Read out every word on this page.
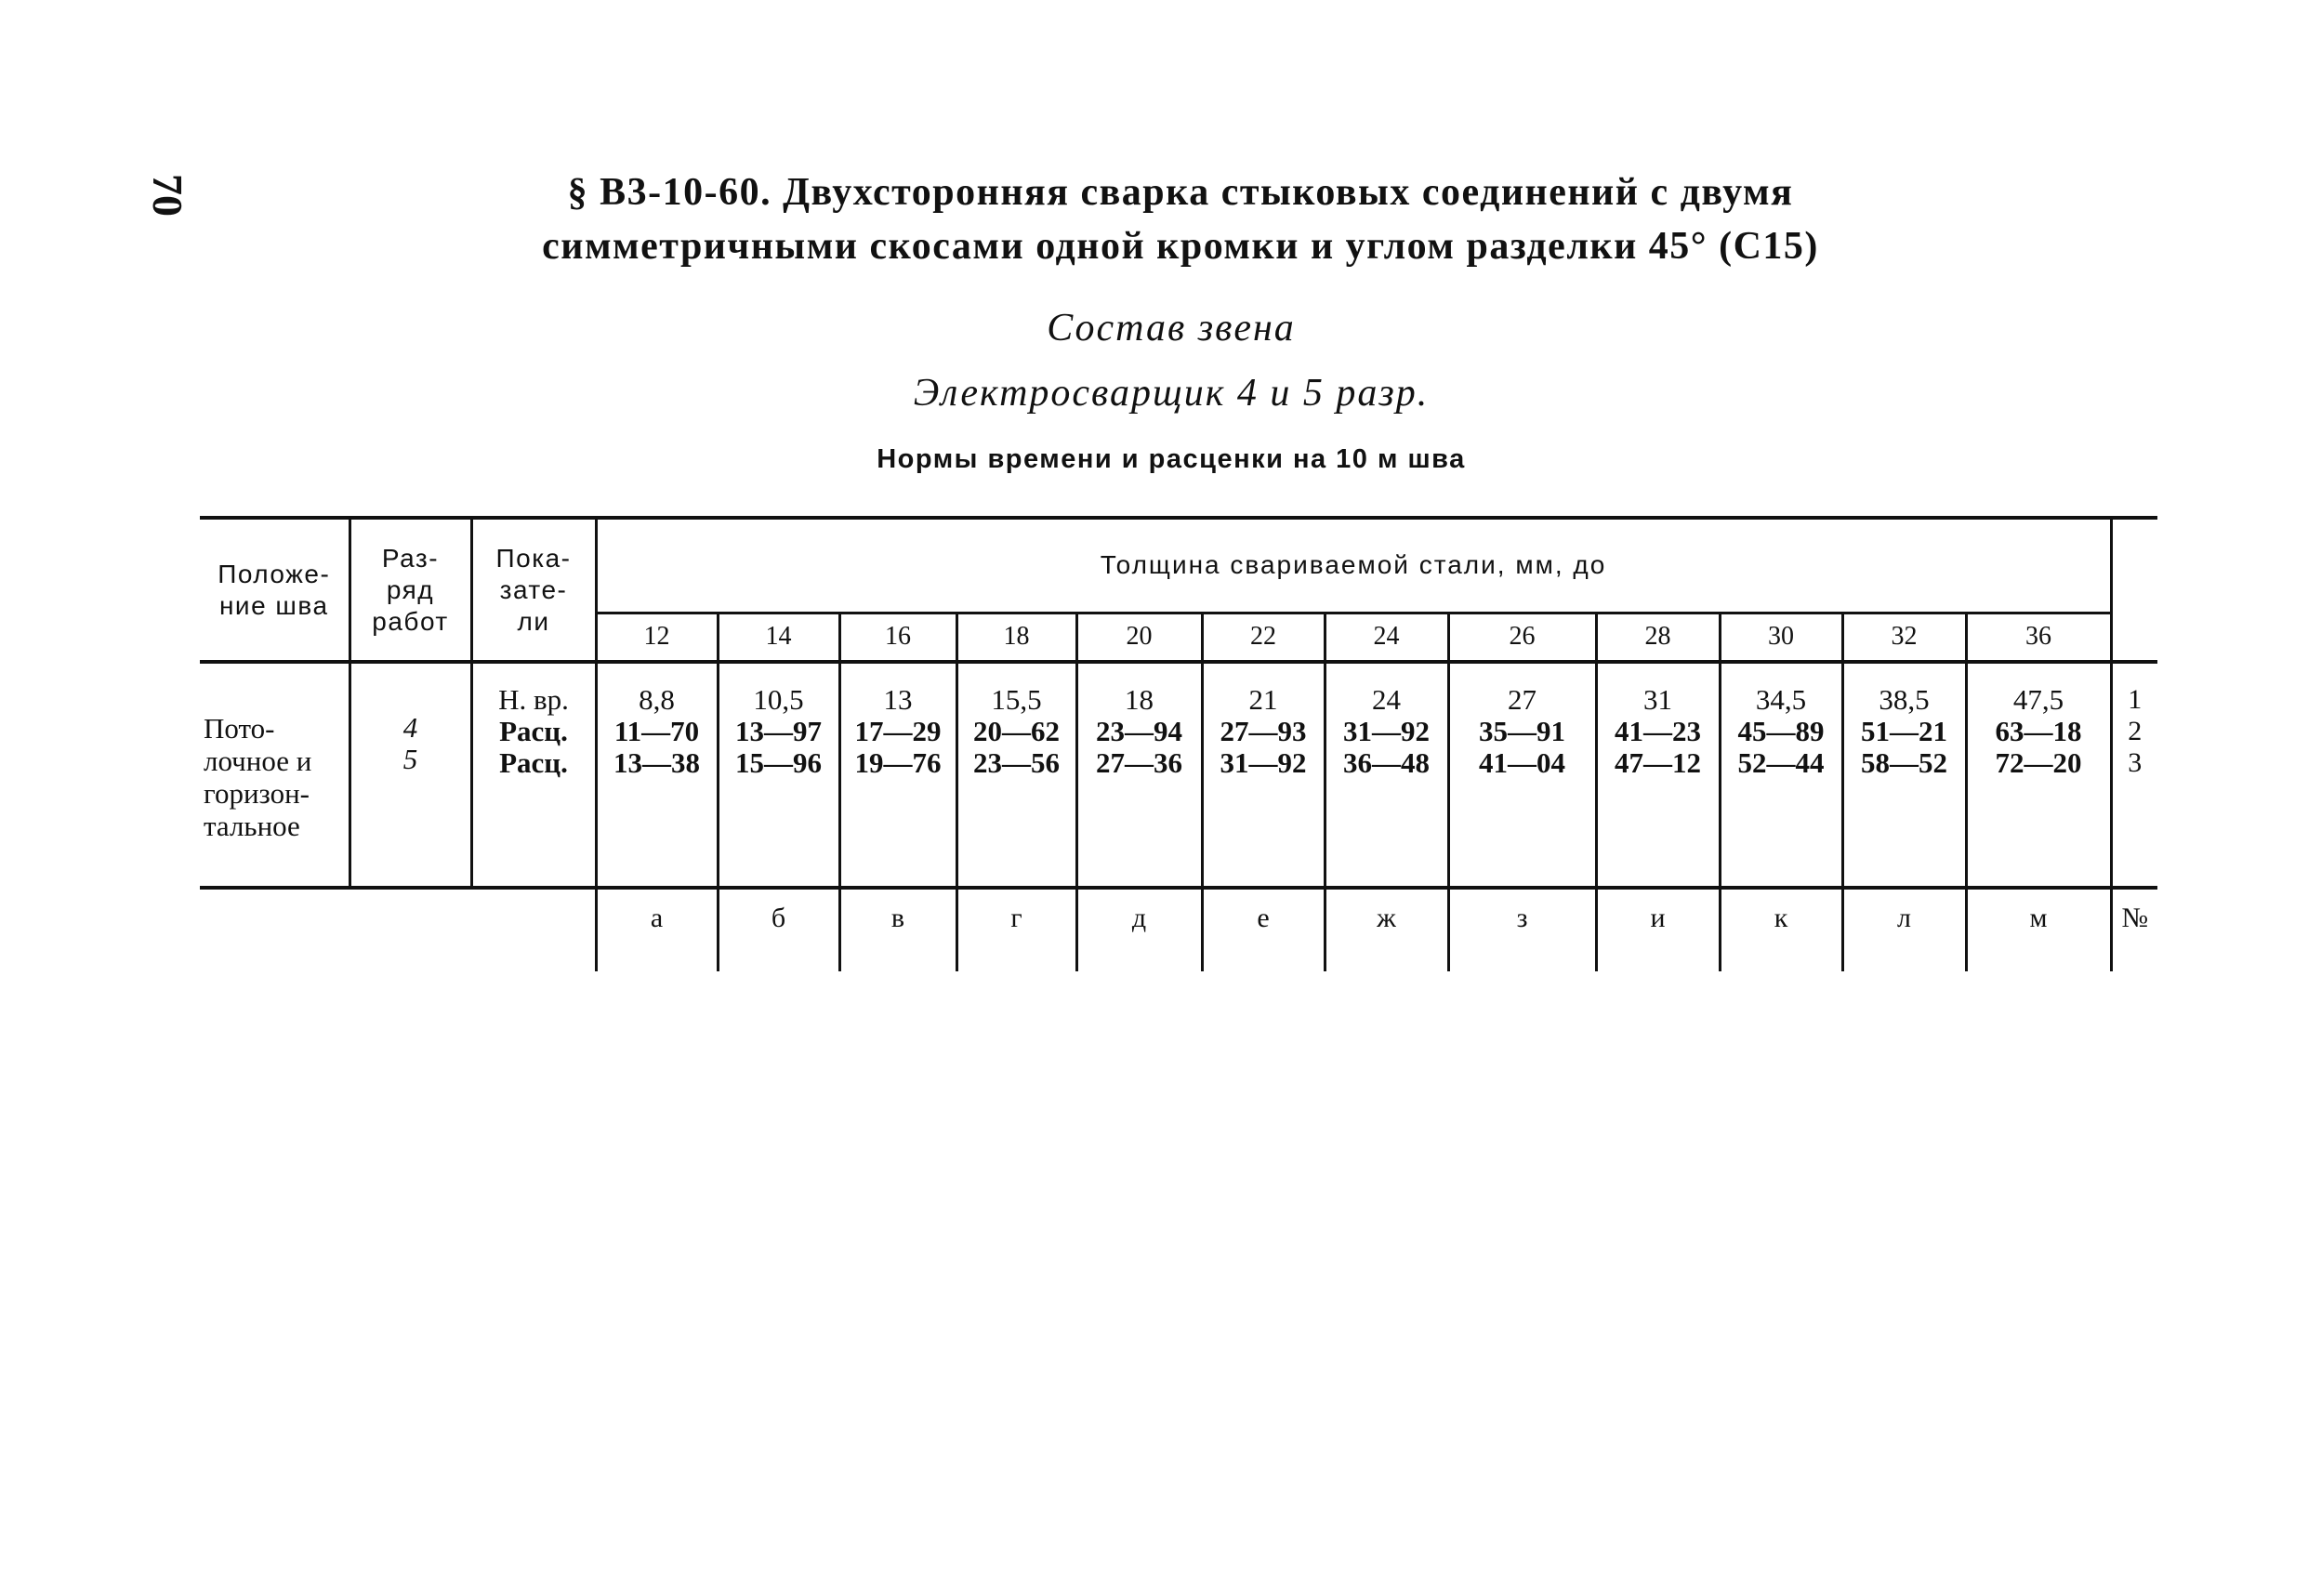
70	§ В3-10-60. Двухсторонняя сварка стыковых соединений с двумя
симметричными скосами одной кромки и углом разделки 45° (С15)
Состав звена
Электросварщик 4 и 5 разр.
Нормы времени и расценки на 10 м шва
Положе-
ние шва	Раз-
ряд
работ	Пока-
зате-
ли	Толщина свариваемой стали, мм, до												
			12	14	16	18	20	22	24	26	28	30	32	36	

Пото-
лочное и
горизон-
тальное	4
5	Н. вр.
Расц.
Расц.	8,8
11—70
13—38	10,5
13—97
15—96	13
17—29
19—76	15,5
20—62
23—56	18
23—94
27—36	21
27—93
31—92	24
31—92
36—48	27
35—91
41—04	31
41—23
47—12	34,5
45—89
52—44	38,5
51—21
58—52	47,5
63—18
72—20	1
2
3

			а	б	в	г	д	е	ж	з	и	к	л	м	№
